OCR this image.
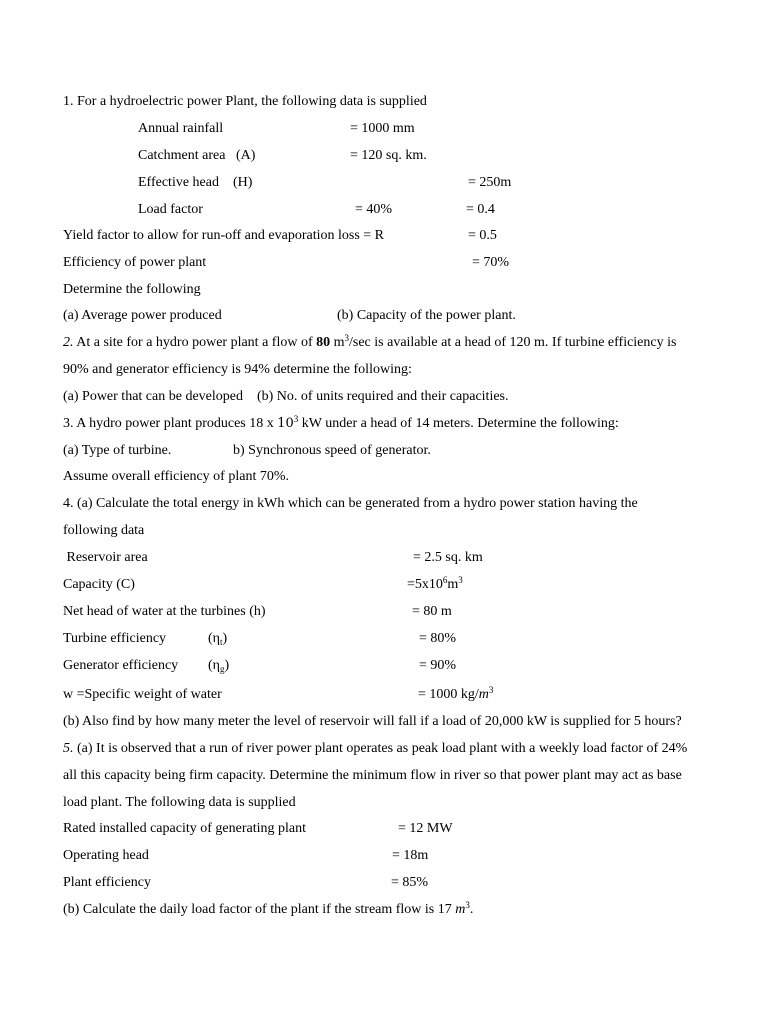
1. For a hydroelectric power Plant, the following data is supplied
Annual rainfall	= 1000 mm
Catchment area   (A)	= 120 sq. km.
Effective head    (H)	= 250m
Load factor	= 40%	= 0.4
Yield factor to allow for run-off and evaporation loss = R	= 0.5
Efficiency of power plant	= 70%
Determine the following
(a) Average power produced	(b) Capacity of the power plant.
2. At a site for a hydro power plant a flow of 80 $m^3/\sec$ is available at a head of 120 m. If turbine efficiency is
90% and generator efficiency is 94% determine the following:
(a) Power that can be developed    (b) No. of units required and their capacities.
3. A hydro power plant produces 18 x $10^3$ kW under a head of 14 meters. Determine the following:
(a) Type of turbine.	b) Synchronous speed of generator.
Assume overall efficiency of plant 70%.
4. (a) Calculate the total energy in kWh which can be generated from a hydro power station having the
following data
Reservoir area	= 2.5 sq. km
Capacity (C)	$=5x10^6m^3$
Net head of water at the turbines (h)	= 80 m
Turbine efficiency	$(\eta_t)$	= 80%
Generator efficiency $(\eta_g)$	= 90%
w =Specific weight of water	= 1000 $kg/m^3$
(b) Also find by how many meter the level of reservoir will fall if a load of 20,000 kW is supplied for 5 hours?
5. (a) It is observed that a run of river power plant operates as peak load plant with a weekly load factor of 24%
all this capacity being firm capacity. Determine the minimum flow in river so that power plant may act as base
load plant. The following data is supplied
Rated installed capacity of generating plant	= 12 MW
Operating head	= 18m
Plant efficiency	= 85%
(b) Calculate the daily load factor of the plant if the stream flow is 17 $m^3$.
